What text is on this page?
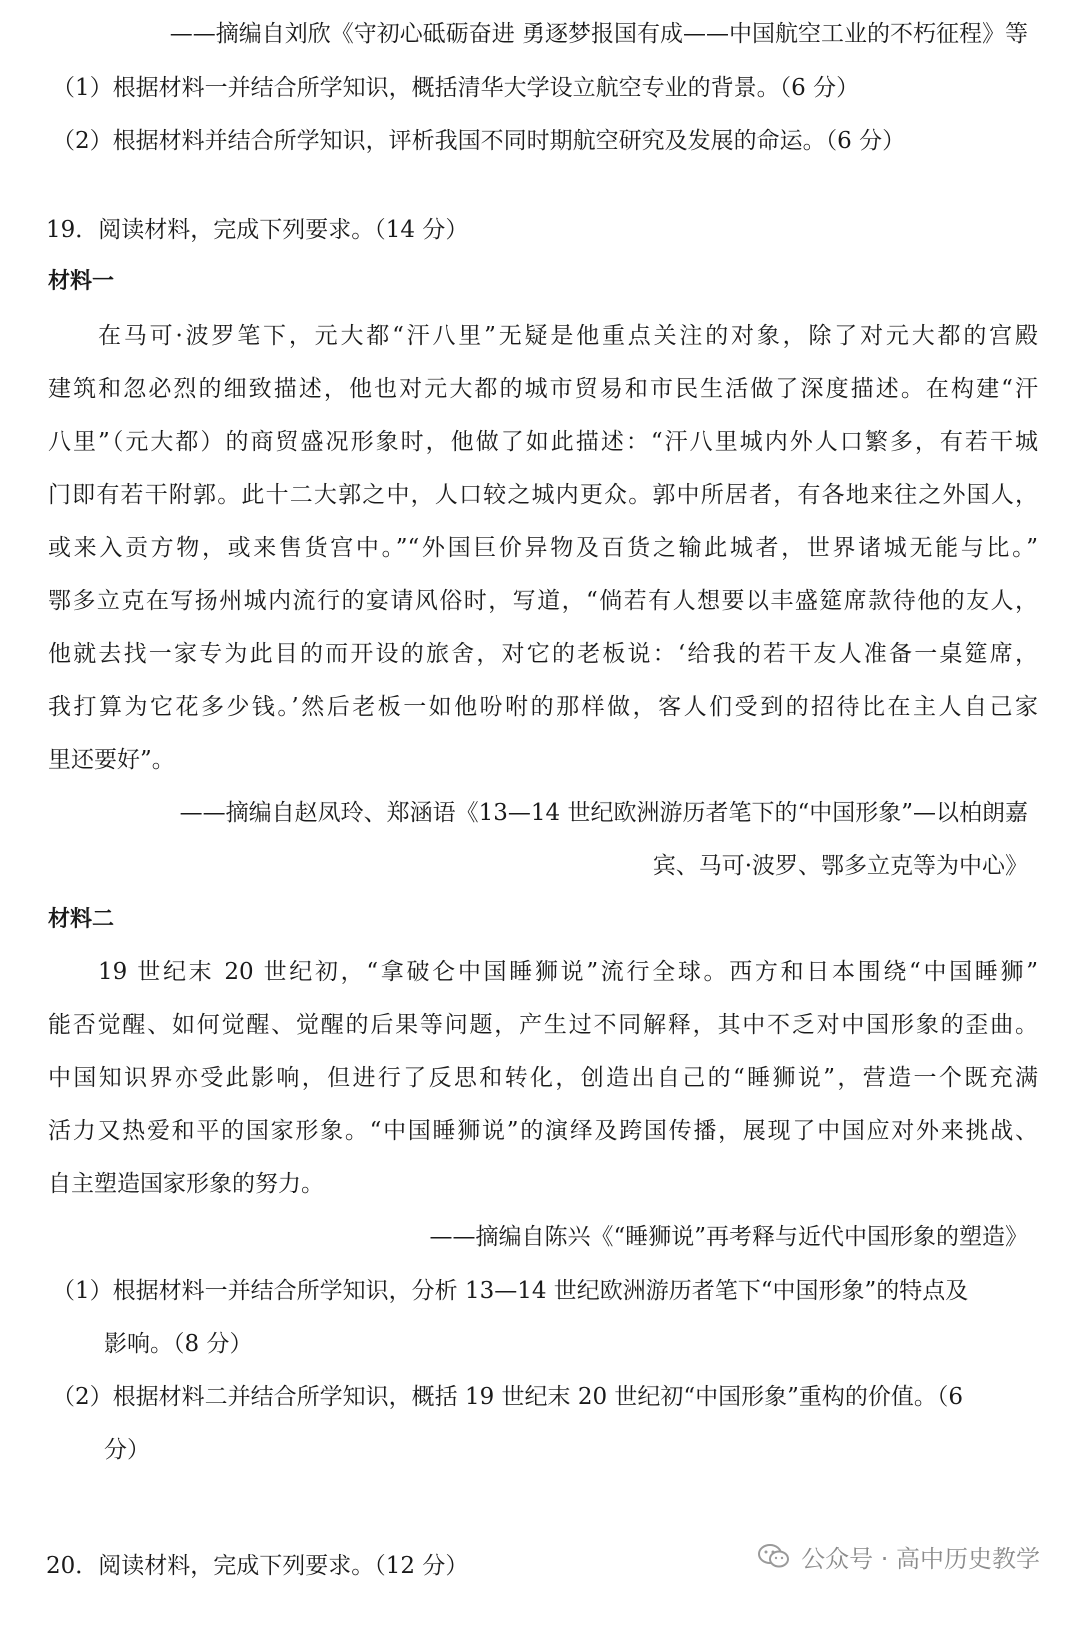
——摘编自刘欣《守初心砥砺奋进 勇逐梦报国有成——中国航空工业的不朽征程》等
（1）根据材料一并结合所学知识，概括清华大学设立航空专业的背景。（6 分）
（2）根据材料并结合所学知识，评析我国不同时期航空研究及发展的命运。（6 分）
19．阅读材料，完成下列要求。（14 分）
材料一
在马可·波罗笔下，元大都“汗八里”无疑是他重点关注的对象，除了对元大都的宫殿
建筑和忽必烈的细致描述，他也对元大都的城市贸易和市民生活做了深度描述。在构建“汗
八里”（元大都）的商贸盛况形象时，他做了如此描述：“汗八里城内外人口繁多，有若干城
门即有若干附郭。此十二大郭之中，人口较之城内更众。郭中所居者，有各地来往之外国人，
或来入贡方物，或来售货宫中。”“外国巨价异物及百货之输此城者，世界诸城无能与比。”
鄂多立克在写扬州城内流行的宴请风俗时，写道，“倘若有人想要以丰盛筵席款待他的友人，
他就去找一家专为此目的而开设的旅舍，对它的老板说：‘给我的若干友人准备一桌筵席，
我打算为它花多少钱。’然后老板一如他吩咐的那样做，客人们受到的招待比在主人自己家
里还要好”。
——摘编自赵凤玲、郑涵语《13—14 世纪欧洲游历者笔下的“中国形象”—以柏朗嘉
宾、马可·波罗、鄂多立克等为中心》
材料二
19 世纪末 20 世纪初，“拿破仑中国睡狮说”流行全球。西方和日本围绕“中国睡狮”
能否觉醒、如何觉醒、觉醒的后果等问题，产生过不同解释，其中不乏对中国形象的歪曲。
中国知识界亦受此影响，但进行了反思和转化，创造出自己的“睡狮说”，营造一个既充满
活力又热爱和平的国家形象。“中国睡狮说”的演绎及跨国传播，展现了中国应对外来挑战、
自主塑造国家形象的努力。
——摘编自陈兴《“睡狮说”再考释与近代中国形象的塑造》
（1）根据材料一并结合所学知识，分析 13—14 世纪欧洲游历者笔下“中国形象”的特点及
影响。（8 分）
（2）根据材料二并结合所学知识，概括 19 世纪末 20 世纪初“中国形象”重构的价值。（6
分）
20．阅读材料，完成下列要求。（12 分）	公众号 · 高中历史教学
